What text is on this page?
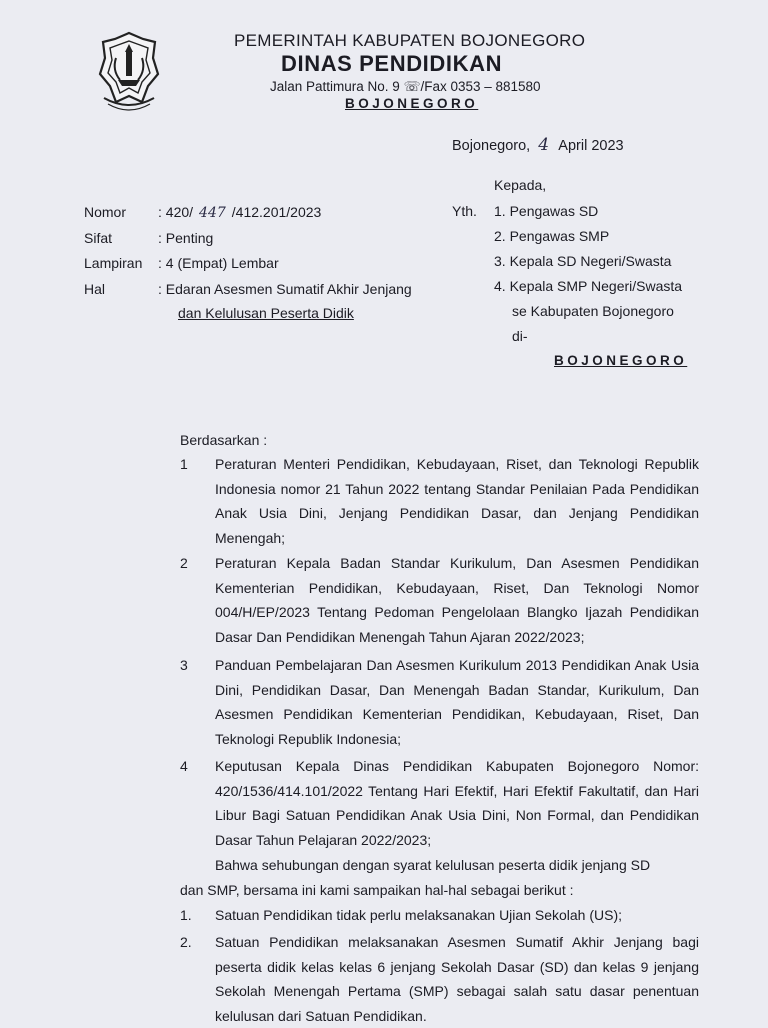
PEMERINTAH KABUPATEN BOJONEGORO
DINAS PENDIDIKAN
Jalan Pattimura No. 9 ☏/Fax 0353 – 881580
BOJONEGORO
Bojonegoro, 4 April 2023
Kepada,
Yth. 1. Pengawas SD
2. Pengawas SMP
3. Kepala SD Negeri/Swasta
4. Kepala SMP Negeri/Swasta
se Kabupaten Bojonegoro
di-
BOJONEGORO
Nomor : 420/ 447 /412.201/2023
Sifat	: Penting
Lampiran : 4 (Empat) Lembar
Hal	: Edaran Asesmen Sumatif Akhir Jenjang
dan Kelulusan Peserta Didik
Berdasarkan :
1 Peraturan Menteri Pendidikan, Kebudayaan, Riset, dan Teknologi Republik Indonesia nomor 21 Tahun 2022 tentang Standar Penilaian Pada Pendidikan Anak Usia Dini, Jenjang Pendidikan Dasar, dan Jenjang Pendidikan Menengah;
2 Peraturan Kepala Badan Standar Kurikulum, Dan Asesmen Pendidikan Kementerian Pendidikan, Kebudayaan, Riset, Dan Teknologi Nomor 004/H/EP/2023 Tentang Pedoman Pengelolaan Blangko Ijazah Pendidikan Dasar Dan Pendidikan Menengah Tahun Ajaran 2022/2023;
3 Panduan Pembelajaran Dan Asesmen Kurikulum 2013 Pendidikan Anak Usia Dini, Pendidikan Dasar, Dan Menengah Badan Standar, Kurikulum, Dan Asesmen Pendidikan Kementerian Pendidikan, Kebudayaan, Riset, Dan Teknologi Republik Indonesia;
4 Keputusan Kepala Dinas Pendidikan Kabupaten Bojonegoro Nomor: 420/1536/414.101/2022 Tentang Hari Efektif, Hari Efektif Fakultatif, dan Hari Libur Bagi Satuan Pendidikan Anak Usia Dini, Non Formal, dan Pendidikan Dasar Tahun Pelajaran 2022/2023;
Bahwa sehubungan dengan syarat kelulusan peserta didik jenjang SD
dan SMP, bersama ini kami sampaikan hal-hal sebagai berikut :
1. Satuan Pendidikan tidak perlu melaksanakan Ujian Sekolah (US);
2. Satuan Pendidikan melaksanakan Asesmen Sumatif Akhir Jenjang bagi peserta didik kelas kelas 6 jenjang Sekolah Dasar (SD) dan kelas 9 jenjang Sekolah Menengah Pertama (SMP) sebagai salah satu dasar penentuan kelulusan dari Satuan Pendidikan.
